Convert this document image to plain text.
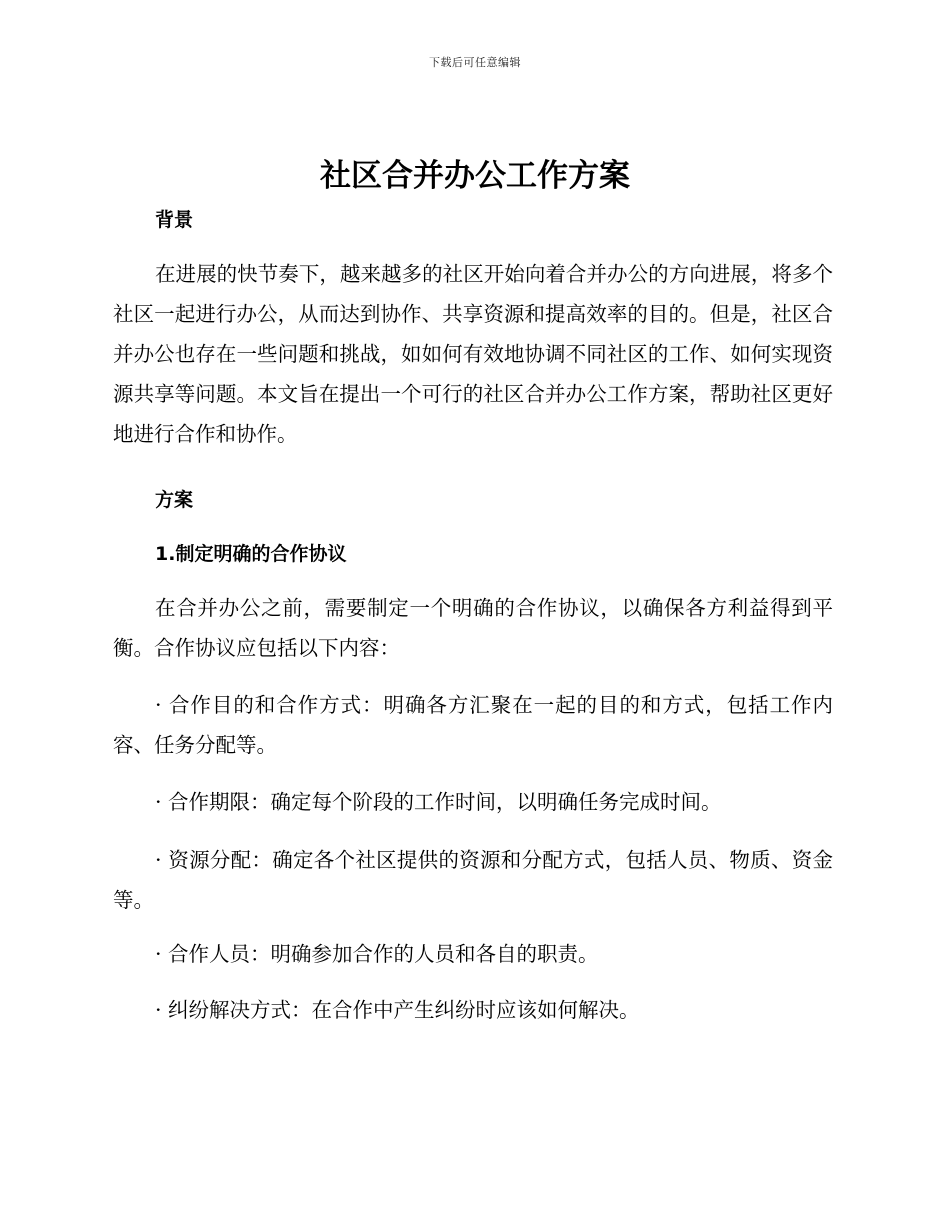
下载后可任意编辑
社区合并办公工作方案

背景

在进展的快节奏下，越来越多的社区开始向着合并办公的方向进展，将多个社区一起进行办公，从而达到协作、共享资源和提高效率的目的。但是，社区合并办公也存在一些问题和挑战，如如何有效地协调不同社区的工作、如何实现资源共享等问题。本文旨在提出一个可行的社区合并办公工作方案，帮助社区更好地进行合作和协作。

方案

1.制定明确的合作协议

在合并办公之前，需要制定一个明确的合作协议，以确保各方利益得到平衡。合作协议应包括以下内容：

· 合作目的和合作方式：明确各方汇聚在一起的目的和方式，包括工作内容、任务分配等。

· 合作期限：确定每个阶段的工作时间，以明确任务完成时间。

· 资源分配：确定各个社区提供的资源和分配方式，包括人员、物质、资金等。

· 合作人员：明确参加合作的人员和各自的职责。

· 纠纷解决方式：在合作中产生纠纷时应该如何解决。
